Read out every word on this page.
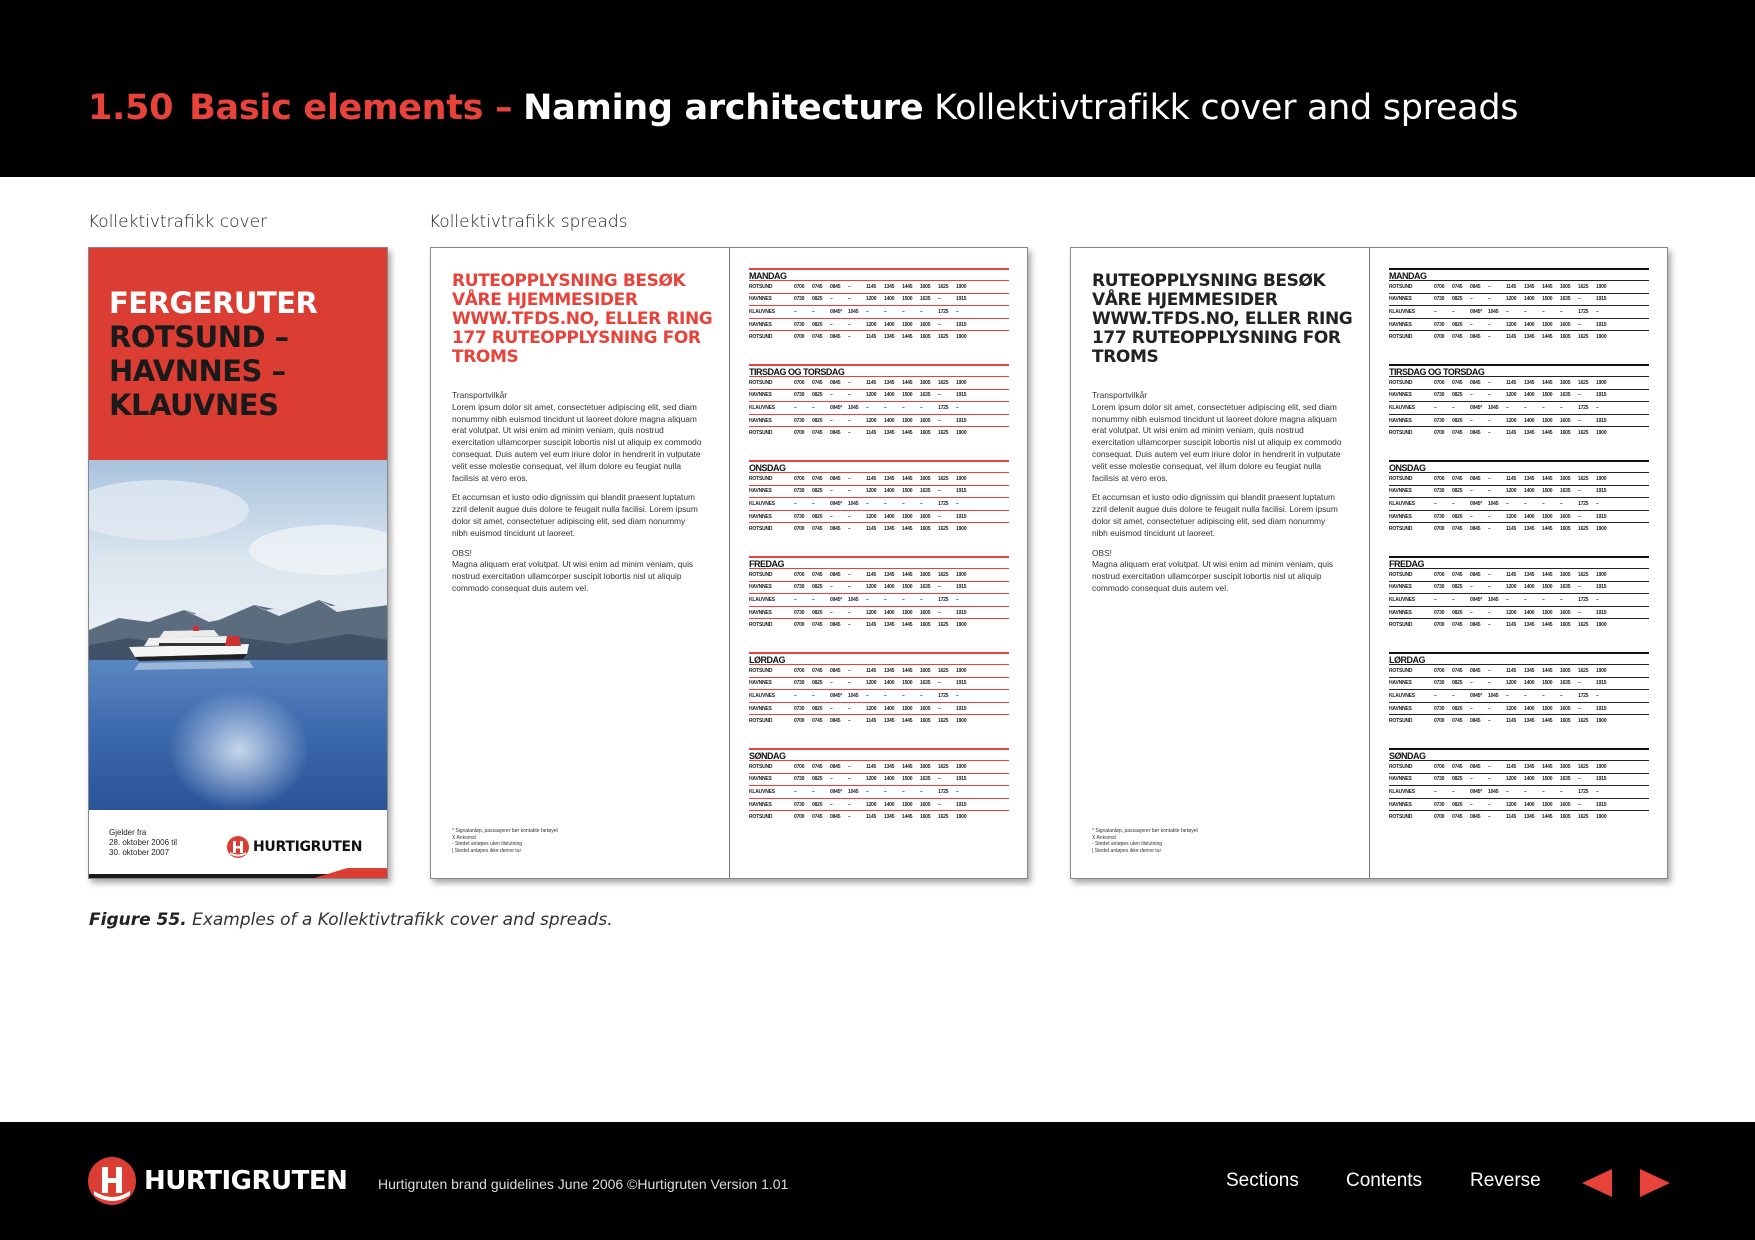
1.50 Basic elements – Naming architecture Kollektivtrafikk cover and spreads
Kollektivtrafikk cover	Kollektivtrafikk spreads
FERGERUTER
ROTSUND –
HAVNNES –
KLAUVNES
Gjelder fra
28. oktober 2006 til
30. oktober 2007	HURTIGRUTEN
RUTEOPPLYSNING BESØK VÅRE HJEMMESIDER WWW.TFDS.NO, ELLER RING 177 RUTEOPPLYSNING FOR TROMS
Transportvilkår

Lorem ipsum dolor sit amet, consectetuer adipiscing elit, sed diam nonummy nibh euismod tincidunt ut laoreet dolore magna aliquam erat volutpat. Ut wisi enim ad minim veniam, quis nostrud exercitation ullamcorper suscipit lobortis nisl ut aliquip ex commodo consequat. Duis autem vel eum iriure dolor in hendrerit in vulputate velit esse molestie consequat, vel illum dolore eu feugiat nulla facilisis at vero eros.

Et accumsan et iusto odio dignissim qui blandit praesent luptatum zzril delenit augue duis dolore te feugait nulla facilisi. Lorem ipsum dolor sit amet, consectetuer adipiscing elit, sed diam nonummy nibh euismod tincidunt ut laoreet.

OBS!

Magna aliquam erat volutpat. Ut wisi enim ad minim veniam, quis nostrud exercitation ullamcorper suscipit lobortis nisl ut aliquip commodo consequat duis autem vel.

* Signalanløp, passasjerer bør kontakte fartøyet
X Ankomst
- Stedet anløpes uten tilslutning
| Stedet anløpes ikke denne tur
MANDAG
ROTSUND	0700	0745	0845	–	1145	1345	1445	1605	1625	1900
HAVNNES	0730	0825	–	–	1200	1400	1500	1635	–	1915
KLAUVNES	–	–	0945*	1045	–	–	–	–	1725	–
HAVNNES	0730	0820	–	–	1200	1400	1500	1605	–	1915
ROTSUND	0700	0745	0845	–	1145	1345	1445	1605	1625	1900
TIRSDAG OG TORSDAG
ROTSUND	0700	0745	0845	–	1145	1345	1445	1605	1625	1900
HAVNNES	0730	0825	–	–	1200	1400	1500	1635	–	1915
KLAUVNES	–	–	0945*	1045	–	–	–	–	1725	–
HAVNNES	0730	0820	–	–	1200	1400	1500	1605	–	1915
ROTSUND	0700	0745	0845	–	1145	1345	1445	1605	1625	1900
ONSDAG
ROTSUND	0700	0745	0845	–	1145	1345	1445	1605	1625	1900
HAVNNES	0730	0825	–	–	1200	1400	1500	1635	–	1915
KLAUVNES	–	–	0945*	1045	–	–	–	–	1725	–
HAVNNES	0730	0820	–	–	1200	1400	1500	1605	–	1915
ROTSUND	0700	0745	0845	–	1145	1345	1445	1605	1625	1900
FREDAG
ROTSUND	0700	0745	0845	–	1145	1345	1445	1605	1625	1900
HAVNNES	0730	0825	–	–	1200	1400	1500	1635	–	1915
KLAUVNES	–	–	0945*	1045	–	–	–	–	1725	–
HAVNNES	0730	0820	–	–	1200	1400	1500	1605	–	1915
ROTSUND	0700	0745	0845	–	1145	1345	1445	1605	1625	1900
LØRDAG
ROTSUND	0700	0745	0845	–	1145	1345	1445	1605	1625	1900
HAVNNES	0730	0825	–	–	1200	1400	1500	1635	–	1915
KLAUVNES	–	–	0945*	1045	–	–	–	–	1725	–
HAVNNES	0730	0820	–	–	1200	1400	1500	1605	–	1915
ROTSUND	0700	0745	0845	–	1145	1345	1445	1605	1625	1900
SØNDAG
ROTSUND	0700	0745	0845	–	1145	1345	1445	1605	1625	1900
HAVNNES	0730	0825	–	–	1200	1400	1500	1635	–	1915
KLAUVNES	–	–	0945*	1045	–	–	–	–	1725	–
HAVNNES	0730	0820	–	–	1200	1400	1500	1605	–	1915
ROTSUND	0700	0745	0845	–	1145	1345	1445	1605	1625	1900
RUTEOPPLYSNING BESØK VÅRE HJEMMESIDER WWW.TFDS.NO, ELLER RING 177 RUTEOPPLYSNING FOR TROMS
Transportvilkår

Lorem ipsum dolor sit amet, consectetuer adipiscing elit, sed diam nonummy nibh euismod tincidunt ut laoreet dolore magna aliquam erat volutpat. Ut wisi enim ad minim veniam, quis nostrud exercitation ullamcorper suscipit lobortis nisl ut aliquip ex commodo consequat. Duis autem vel eum iriure dolor in hendrerit in vulputate velit esse molestie consequat, vel illum dolore eu feugiat nulla facilisis at vero eros.

Et accumsan et iusto odio dignissim qui blandit praesent luptatum zzril delenit augue duis dolore te feugait nulla facilisi. Lorem ipsum dolor sit amet, consectetuer adipiscing elit, sed diam nonummy nibh euismod tincidunt ut laoreet.

OBS!

Magna aliquam erat volutpat. Ut wisi enim ad minim veniam, quis nostrud exercitation ullamcorper suscipit lobortis nisl ut aliquip commodo consequat duis autem vel.

* Signalanløp, passasjerer bør kontakte fartøyet
X Ankomst
- Stedet anløpes uten tilslutning
| Stedet anløpes ikke denne tur
MANDAG
ROTSUND	0700	0745	0845	–	1145	1345	1445	1605	1625	1900
HAVNNES	0730	0825	–	–	1200	1400	1500	1635	–	1915
KLAUVNES	–	–	0945*	1045	–	–	–	–	1725	–
HAVNNES	0730	0820	–	–	1200	1400	1500	1605	–	1915
ROTSUND	0700	0745	0845	–	1145	1345	1445	1605	1625	1900
TIRSDAG OG TORSDAG
ROTSUND	0700	0745	0845	–	1145	1345	1445	1605	1625	1900
HAVNNES	0730	0825	–	–	1200	1400	1500	1635	–	1915
KLAUVNES	–	–	0945*	1045	–	–	–	–	1725	–
HAVNNES	0730	0820	–	–	1200	1400	1500	1605	–	1915
ROTSUND	0700	0745	0845	–	1145	1345	1445	1605	1625	1900
ONSDAG
ROTSUND	0700	0745	0845	–	1145	1345	1445	1605	1625	1900
HAVNNES	0730	0825	–	–	1200	1400	1500	1635	–	1915
KLAUVNES	–	–	0945*	1045	–	–	–	–	1725	–
HAVNNES	0730	0820	–	–	1200	1400	1500	1605	–	1915
ROTSUND	0700	0745	0845	–	1145	1345	1445	1605	1625	1900
FREDAG
ROTSUND	0700	0745	0845	–	1145	1345	1445	1605	1625	1900
HAVNNES	0730	0825	–	–	1200	1400	1500	1635	–	1915
KLAUVNES	–	–	0945*	1045	–	–	–	–	1725	–
HAVNNES	0730	0820	–	–	1200	1400	1500	1605	–	1915
ROTSUND	0700	0745	0845	–	1145	1345	1445	1605	1625	1900
LØRDAG
ROTSUND	0700	0745	0845	–	1145	1345	1445	1605	1625	1900
HAVNNES	0730	0825	–	–	1200	1400	1500	1635	–	1915
KLAUVNES	–	–	0945*	1045	–	–	–	–	1725	–
HAVNNES	0730	0820	–	–	1200	1400	1500	1605	–	1915
ROTSUND	0700	0745	0845	–	1145	1345	1445	1605	1625	1900
SØNDAG
ROTSUND	0700	0745	0845	–	1145	1345	1445	1605	1625	1900
HAVNNES	0730	0825	–	–	1200	1400	1500	1635	–	1915
KLAUVNES	–	–	0945*	1045	–	–	–	–	1725	–
HAVNNES	0730	0820	–	–	1200	1400	1500	1605	–	1915
ROTSUND	0700	0745	0845	–	1145	1345	1445	1605	1625	1900
Figure 55. Examples of a Kollektivtrafikk cover and spreads.
HURTIGRUTEN Hurtigruten brand guidelines June 2006 ©Hurtigruten Version 1.01	Sections Contents	Reverse
